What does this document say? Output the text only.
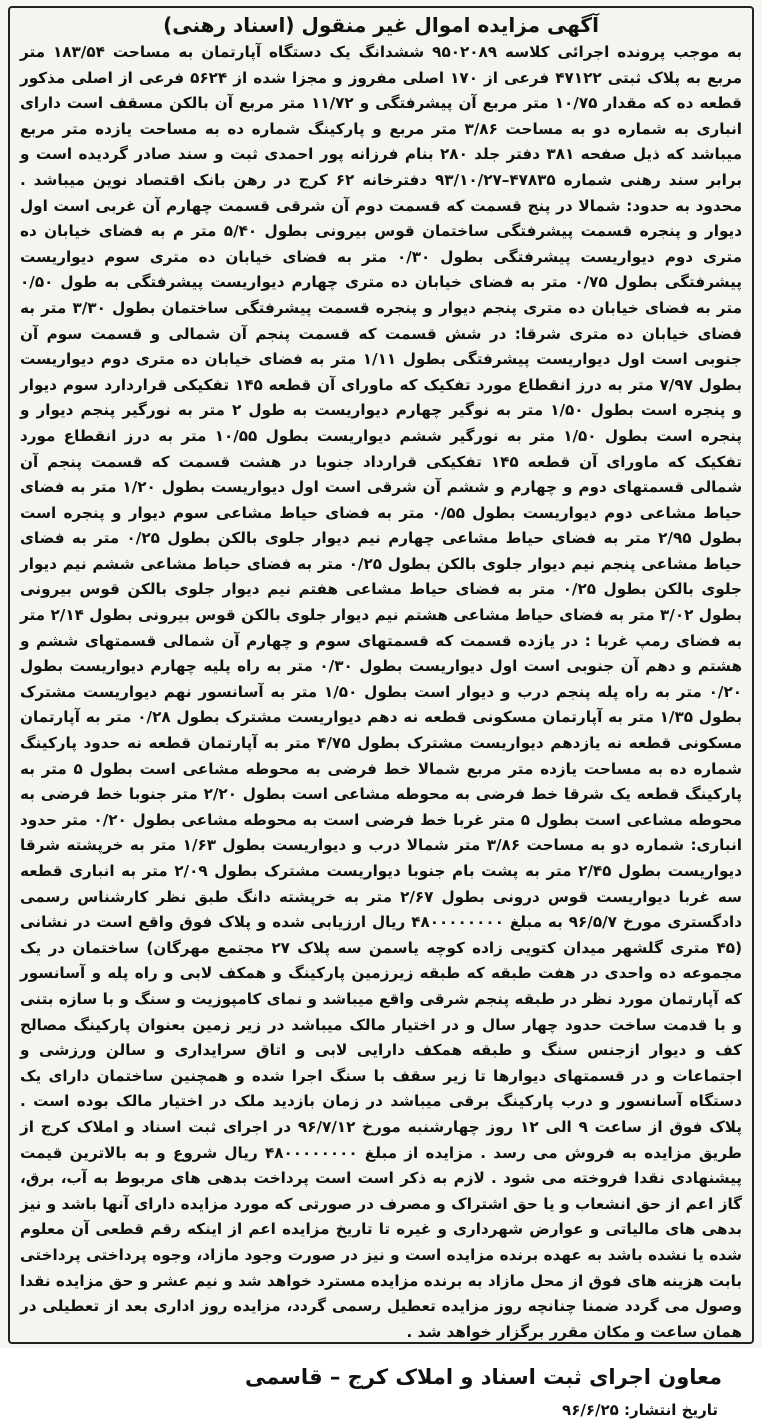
آگهی مزایده اموال غیر منقول (اسناد رهنی)

به موجب پرونده اجرائی کلاسه ۹۵۰۲۰۸۹ ششدانگ یک دستگاه آپارتمان به مساحت ۱۸۳/۵۴ متر مربع به پلاک ثبتی ۴۷۱۲۲ فرعی از ۱۷۰ اصلی مفروز و مجزا شده از ۵۶۲۴ فرعی از اصلی مذکور قطعه ده که مقدار ۱۰/۷۵ متر مربع آن پیشرفتگی و ۱۱/۷۲ متر مربع آن بالکن مسقف است دارای انباری به شماره دو به مساحت ۳/۸۶ متر مربع و پارکینگ شماره ده به مساحت یازده متر مربع میباشد که ذیل صفحه ۳۸۱ دفتر جلد ۲۸۰ بنام فرزانه پور احمدی ثبت و سند صادر گردیده است و برابر سند رهنی شماره ۴۷۸۳۵–۹۳/۱۰/۲۷ دفترخانه ۶۲ کرج در رهن بانک اقتصاد نوین میباشد . محدود به حدود: شمالا در پنج قسمت که قسمت دوم آن شرقی قسمت چهارم آن غربی است اول دیوار و پنجره قسمت پیشرفتگی ساختمان قوس بیرونی بطول ۵/۴۰ متر م به فضای خیابان ده متری دوم دیواریست پیشرفتگی بطول ۰/۳۰ متر به فضای خیابان ده متری سوم دیواریست پیشرفتگی بطول ۰/۷۵ متر به فضای خیابان ده متری چهارم دیواریست پیشرفتگی به طول ۰/۵۰ متر به فضای خیابان ده متری پنجم دیوار و پنجره قسمت پیشرفتگی ساختمان بطول ۳/۳۰ متر به فضای خیابان ده متری شرقا: در شش قسمت که قسمت پنجم آن شمالی و قسمت سوم آن جنوبی است اول دیواریست پیشرفتگی بطول ۱/۱۱ متر به فضای خیابان ده متری دوم دیواریست بطول ۷/۹۷ متر به درز انقطاع مورد تفکیک که ماورای آن قطعه ۱۴۵ تفکیکی قراردارد سوم دیوار و پنجره است بطول ۱/۵۰ متر به نوگیر چهارم دیواریست به طول ۲ متر به نورگیر پنجم دیوار و پنجره است بطول ۱/۵۰ متر به نورگیر ششم دیواریست بطول ۱۰/۵۵ متر به درز انقطاع مورد تفکیک که ماورای آن قطعه ۱۴۵ تفکیکی قرارداد جنوبا در هشت قسمت که قسمت پنجم آن شمالی قسمتهای دوم و چهارم و ششم آن شرقی است اول دیواریست بطول ۱/۲۰ متر به فضای حیاط مشاعی دوم دیواریست بطول ۰/۵۵ متر به فضای حیاط مشاعی سوم دیوار و پنجره است بطول ۲/۹۵ متر به فضای حیاط مشاعی چهارم نیم دیوار جلوی بالکن بطول ۰/۲۵ متر به فضای حیاط مشاعی پنجم نیم دیوار جلوی بالکن بطول ۰/۲۵ متر به فضای حیاط مشاعی ششم نیم دیوار جلوی بالکن بطول ۰/۲۵ متر به فضای حیاط مشاعی هفتم نیم دیوار جلوی بالکن قوس بیرونی بطول ۳/۰۲ متر به فضای حیاط مشاعی هشتم نیم دیوار جلوی بالکن قوس بیرونی بطول ۲/۱۴ متر به فضای رمپ غربا : در یازده قسمت که قسمتهای سوم و چهارم آن شمالی قسمتهای ششم و هشتم و دهم آن جنوبی است اول دیواریست بطول ۰/۳۰ متر به راه پلیه چهارم دیواریست بطول ۰/۲۰ متر به راه پله پنجم درب و دیوار است بطول ۱/۵۰ متر به آسانسور نهم دیواریست مشترک بطول ۱/۳۵ متر به آپارتمان مسکونی قطعه نه دهم دیواریست مشترک بطول ۰/۲۸ متر به آپارتمان مسکونی قطعه نه یازدهم دیواریست مشترک بطول ۴/۷۵ متر به آپارتمان قطعه نه حدود پارکینگ شماره ده به مساحت یازده متر مربع شمالا خط فرضی به محوطه مشاعی است بطول ۵ متر به پارکینگ قطعه یک شرقا خط فرضی به محوطه مشاعی است بطول ۲/۲۰ متر جنوبا خط فرضی به محوطه مشاعی است بطول ۵ متر غربا خط فرضی است به محوطه مشاعی بطول ۰/۲۰ متر حدود انباری: شماره دو به مساحت ۳/۸۶ متر شمالا درب و دیواریست بطول ۱/۶۳ متر به خرپشته شرقا دیواریست بطول ۲/۴۵ متر به پشت بام جنوبا دیواریست مشترک بطول ۲/۰۹ متر به انباری قطعه سه غربا دیواریست قوس درونی بطول ۲/۶۷ متر به خرپشته دانگ طبق نظر کارشناس رسمی دادگستری مورخ ۹۶/۵/۷ به مبلغ ۴۸۰۰۰۰۰۰۰۰ ریال ارزیابی شده و پلاک فوق واقع است در نشانی (۴۵ متری گلشهر میدان کتویی زاده کوچه یاسمن سه پلاک ۲۷ مجتمع مهرگان) ساختمان در یک مجموعه ده واحدی در هفت طبقه که طبقه زیرزمین پارکینگ و همکف لابی و راه پله و آسانسور که آپارتمان مورد نظر در طبقه پنجم شرقی واقع میباشد و نمای کامپوزیت و سنگ و با سازه بتنی و با قدمت ساخت حدود چهار سال و در اختیار مالک میباشد در زیر زمین بعنوان پارکینگ مصالح کف و دیوار ازجنس سنگ و طبقه همکف دارایی لابی و اتاق سرایداری و سالن ورزشی و اجتماعات و در قسمتهای دیوارها تا زیر سقف با سنگ اجرا شده و همچنین ساختمان دارای یک دستگاه آسانسور و درب پارکینگ برقی میباشد در زمان بازدید ملک در اختیار مالک بوده است . پلاک فوق از ساعت ۹ الی ۱۲ روز چهارشنبه مورخ ۹۶/۷/۱۲ در اجرای ثبت اسناد و املاک کرج از طریق مزایده به فروش می رسد . مزایده از مبلغ ۴۸۰۰۰۰۰۰۰۰ ریال شروع و به بالاترین قیمت پیشنهادی نقدا فروخته می شود . لازم به ذکر است است پرداخت بدهی های مربوط به آب، برق، گاز اعم از حق انشعاب و یا حق اشتراک و مصرف در صورتی که مورد مزایده دارای آنها باشد و نیز بدهی های مالیاتی و عوارض شهرداری و غیره تا تاریخ مزایده اعم از اینکه رقم قطعی آن معلوم شده یا نشده باشد به عهده برنده مزایده است و نیز در صورت وجود مازاد، وجوه پرداختی پرداختی بابت هزینه های فوق از محل مازاد به برنده مزایده مسترد خواهد شد و نیم عشر و حق مزایده نقدا وصول می گردد ضمنا چنانچه روز مزایده تعطیل رسمی گردد، مزایده روز اداری بعد از تعطیلی در همان ساعت و مکان مقرر برگزار خواهد شد .

معاون اجرای ثبت اسناد و املاک کرج – قاسمی
تاریخ انتشار: ۹۶/۶/۲۵
